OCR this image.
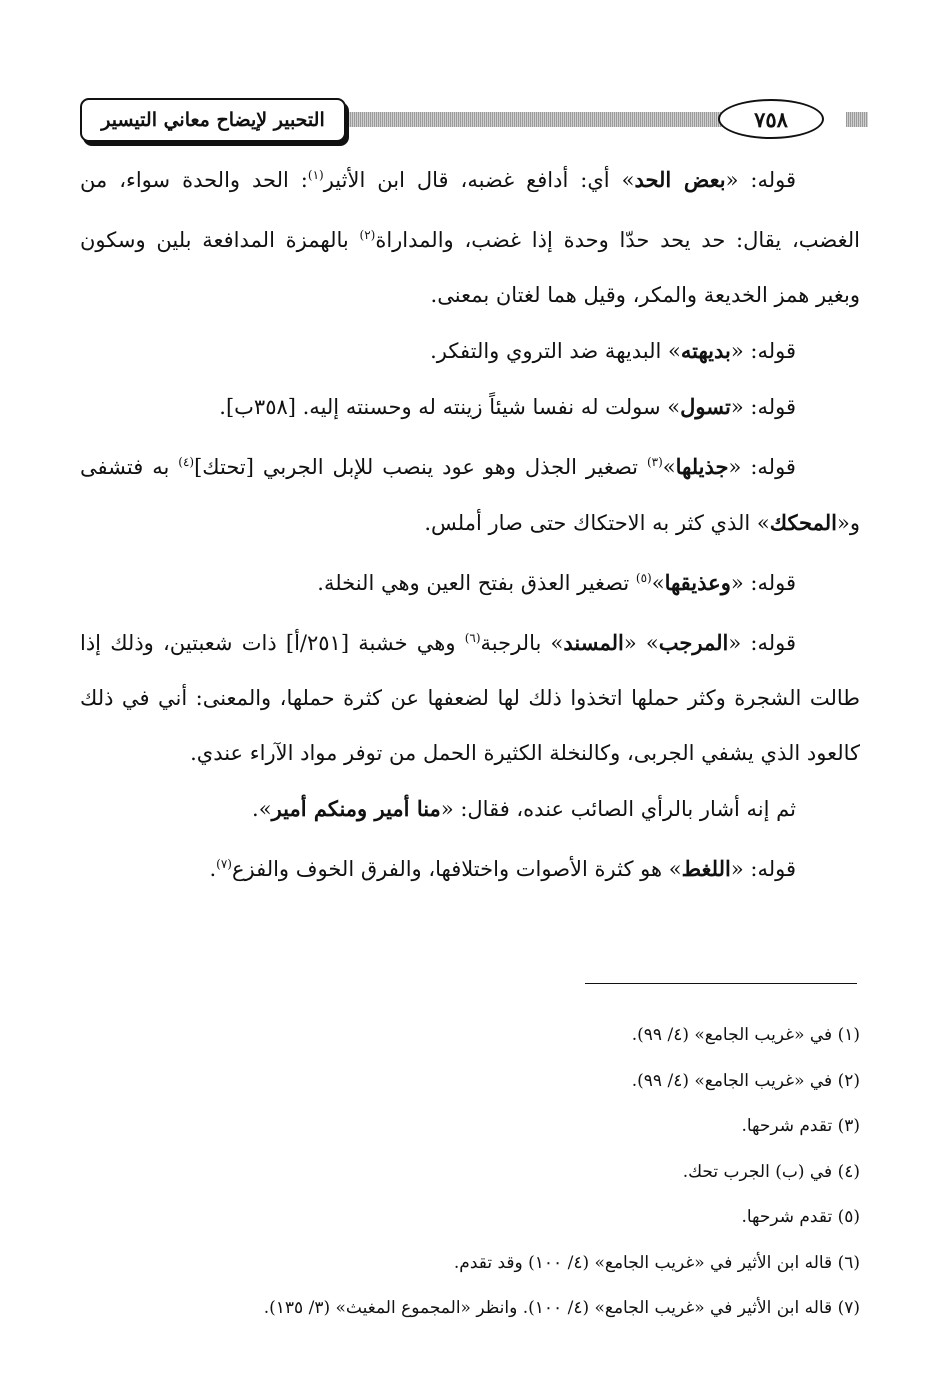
التحبير لإيضاح معاني التيسير	٧٥٨

قوله: «بعض الحد» أي: أدافع غضبه، قال ابن الأثير$^{(١)}$: الحد والحدة سواء، من الغضب، يقال: حد يحد حدّا وحدة إذا غضب، والمداراة$^{(٢)}$ بالهمزة المدافعة بلين وسكون وبغير همز الخديعة والمكر، وقيل هما لغتان بمعنى.

قوله: «بديهته» البديهة ضد التروي والتفكر.

قوله: «تسول» سولت له نفسا شيئاً زينته له وحسنته إليه. [٣٥٨ب].

قوله: «جذيلها»$^{(٣)}$ تصغير الجذل وهو عود ينصب للإبل الجربي [تحتك]$^{(٤)}$ به فتشفى و«المحكك» الذي كثر به الاحتكاك حتى صار أملس.

قوله: «وعذيقها»$^{(٥)}$ تصغير العذق بفتح العين وهي النخلة.

قوله: «المرجب» «المسند» بالرجبة$^{(٦)}$ وهي خشبة [٢٥١/أ] ذات شعبتين، وذلك إذا طالت الشجرة وكثر حملها اتخذوا ذلك لها لضعفها عن كثرة حملها، والمعنى: أني في ذلك كالعود الذي يشفي الجربى، وكالنخلة الكثيرة الحمل من توفر مواد الآراء عندي.

ثم إنه أشار بالرأي الصائب عنده، فقال: «منا أمير ومنكم أمير».

قوله: «اللغط» هو كثرة الأصوات واختلافها، والفرق الخوف والفزع$^{(٧)}$.

(١) في «غريب الجامع» (٤/ ٩٩).
(٢) في «غريب الجامع» (٤/ ٩٩).
(٣) تقدم شرحها.
(٤) في (ب) الجرب تحك.
(٥) تقدم شرحها.
(٦) قاله ابن الأثير في «غريب الجامع» (٤/ ١٠٠) وقد تقدم.
(٧) قاله ابن الأثير في «غريب الجامع» (٤/ ١٠٠). وانظر «المجموع المغيث» (٣/ ١٣٥).
